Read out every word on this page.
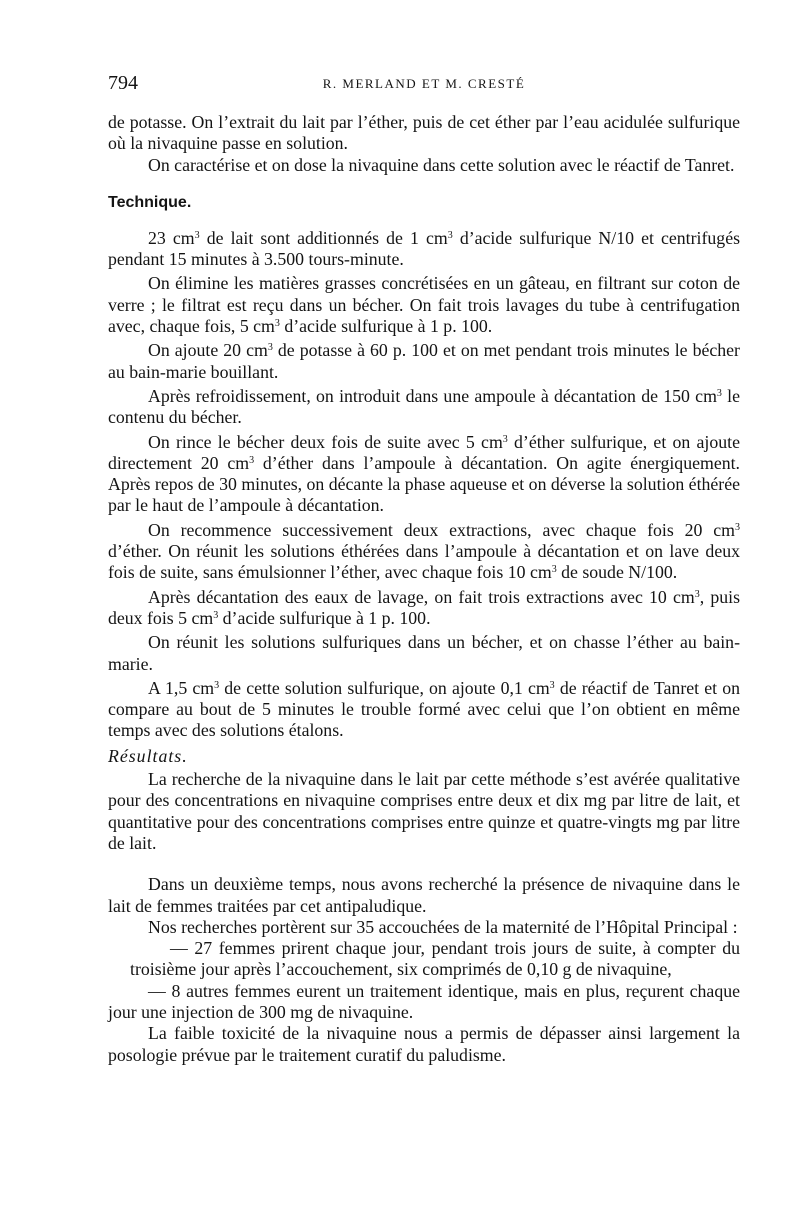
794	R. MERLAND ET M. CRESTÉ

de potasse. On l’extrait du lait par l’éther, puis de cet éther par l’eau acidulée sulfurique où la nivaquine passe en solution.

On caractérise et on dose la nivaquine dans cette solution avec le réactif de Tanret.

Technique.

23 $cm^3$ de lait sont additionnés de 1 $cm^3$ d’acide sulfurique N/10 et centrifugés pendant 15 minutes à 3.500 tours-minute.

On élimine les matières grasses concrétisées en un gâteau, en filtrant sur coton de verre ; le filtrat est reçu dans un bécher. On fait trois lavages du tube à centrifugation avec, chaque fois, 5 $cm^3$ d’acide sulfurique à 1 p. 100.

On ajoute 20 $cm^3$ de potasse à 60 p. 100 et on met pendant trois minutes le bécher au bain-marie bouillant.

Après refroidissement, on introduit dans une ampoule à décantation de 150 $cm^3$ le contenu du bécher.

On rince le bécher deux fois de suite avec 5 $cm^3$ d’éther sulfurique, et on ajoute directement 20 $cm^3$ d’éther dans l’ampoule à décantation. On agite énergiquement. Après repos de 30 minutes, on décante la phase aqueuse et on déverse la solution éthérée par le haut de l’ampoule à décantation.

On recommence successivement deux extractions, avec chaque fois 20 $cm^3$ d’éther. On réunit les solutions éthérées dans l’ampoule à décantation et on lave deux fois de suite, sans émulsionner l’éther, avec chaque fois 10 $cm^3$ de soude N/100.

Après décantation des eaux de lavage, on fait trois extractions avec 10 $cm^3$, puis deux fois 5 $cm^3$ d’acide sulfurique à 1 p. 100.

On réunit les solutions sulfuriques dans un bécher, et on chasse l’éther au bain-marie.

A 1,5 $cm^3$ de cette solution sulfurique, on ajoute 0,1 $cm^3$ de réactif de Tanret et on compare au bout de 5 minutes le trouble formé avec celui que l’on obtient en même temps avec des solutions étalons.

Résultats.

La recherche de la nivaquine dans le lait par cette méthode s’est avérée qualitative pour des concentrations en nivaquine comprises entre deux et dix mg par litre de lait, et quantitative pour des concentrations comprises entre quinze et quatre-vingts mg par litre de lait.

Dans un deuxième temps, nous avons recherché la présence de nivaquine dans le lait de femmes traitées par cet antipaludique.

Nos recherches portèrent sur 35 accouchées de la maternité de l’Hôpital Principal :

— 27 femmes prirent chaque jour, pendant trois jours de suite, à compter du troisième jour après l’accouchement, six comprimés de 0,10 g de nivaquine,

— 8 autres femmes eurent un traitement identique, mais en plus, reçurent chaque jour une injection de 300 mg de nivaquine.

La faible toxicité de la nivaquine nous a permis de dépasser ainsi largement la posologie prévue par le traitement curatif du paludisme.
